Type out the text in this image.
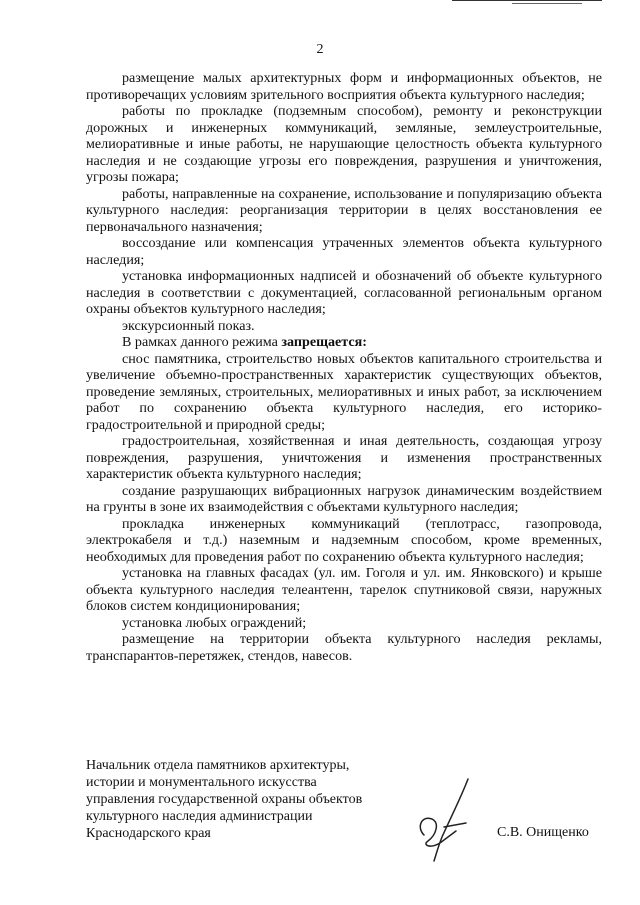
2

размещение малых архитектурных форм и информационных объектов, не противоречащих условиям зрительного восприятия объекта культурного наследия;

работы по прокладке (подземным способом), ремонту и реконструкции дорожных и инженерных коммуникаций, земляные, землеустроительные, мелиоративные и иные работы, не нарушающие целостность объекта культурного наследия и не создающие угрозы его повреждения, разрушения и уничтожения, угрозы пожара;

работы, направленные на сохранение, использование и популяризацию объекта культурного наследия: реорганизация территории в целях восстановления ее первоначального назначения;

воссоздание или компенсация утраченных элементов объекта культурного наследия;

установка информационных надписей и обозначений об объекте культурного наследия в соответствии с документацией, согласованной региональным органом охраны объектов культурного наследия;

экскурсионный показ.

В рамках данного режима запрещается:

снос памятника, строительство новых объектов капитального строительства и увеличение объемно-пространственных характеристик существующих объектов, проведение земляных, строительных, мелиоративных и иных работ, за исключением работ по сохранению объекта культурного наследия, его историко-градостроительной и природной среды;

градостроительная, хозяйственная и иная деятельность, создающая угрозу повреждения, разрушения, уничтожения и изменения пространственных характеристик объекта культурного наследия;

создание разрушающих вибрационных нагрузок динамическим воздействием на грунты в зоне их взаимодействия с объектами культурного наследия;

прокладка инженерных коммуникаций (теплотрасс, газопровода, электрокабеля и т.д.) наземным и надземным способом, кроме временных, необходимых для проведения работ по сохранению объекта культурного наследия;

установка на главных фасадах (ул. им. Гоголя и ул. им. Янковского) и крыше объекта культурного наследия телеантенн, тарелок спутниковой связи, наружных блоков систем кондиционирования;

установка любых ограждений;

размещение на территории объекта культурного наследия рекламы, транспарантов-перетяжек, стендов, навесов.

Начальник отдела памятников архитектуры,
истории и монументального искусства
управления государственной охраны объектов
культурного наследия администрации
Краснодарского края	С.В. Онищенко
